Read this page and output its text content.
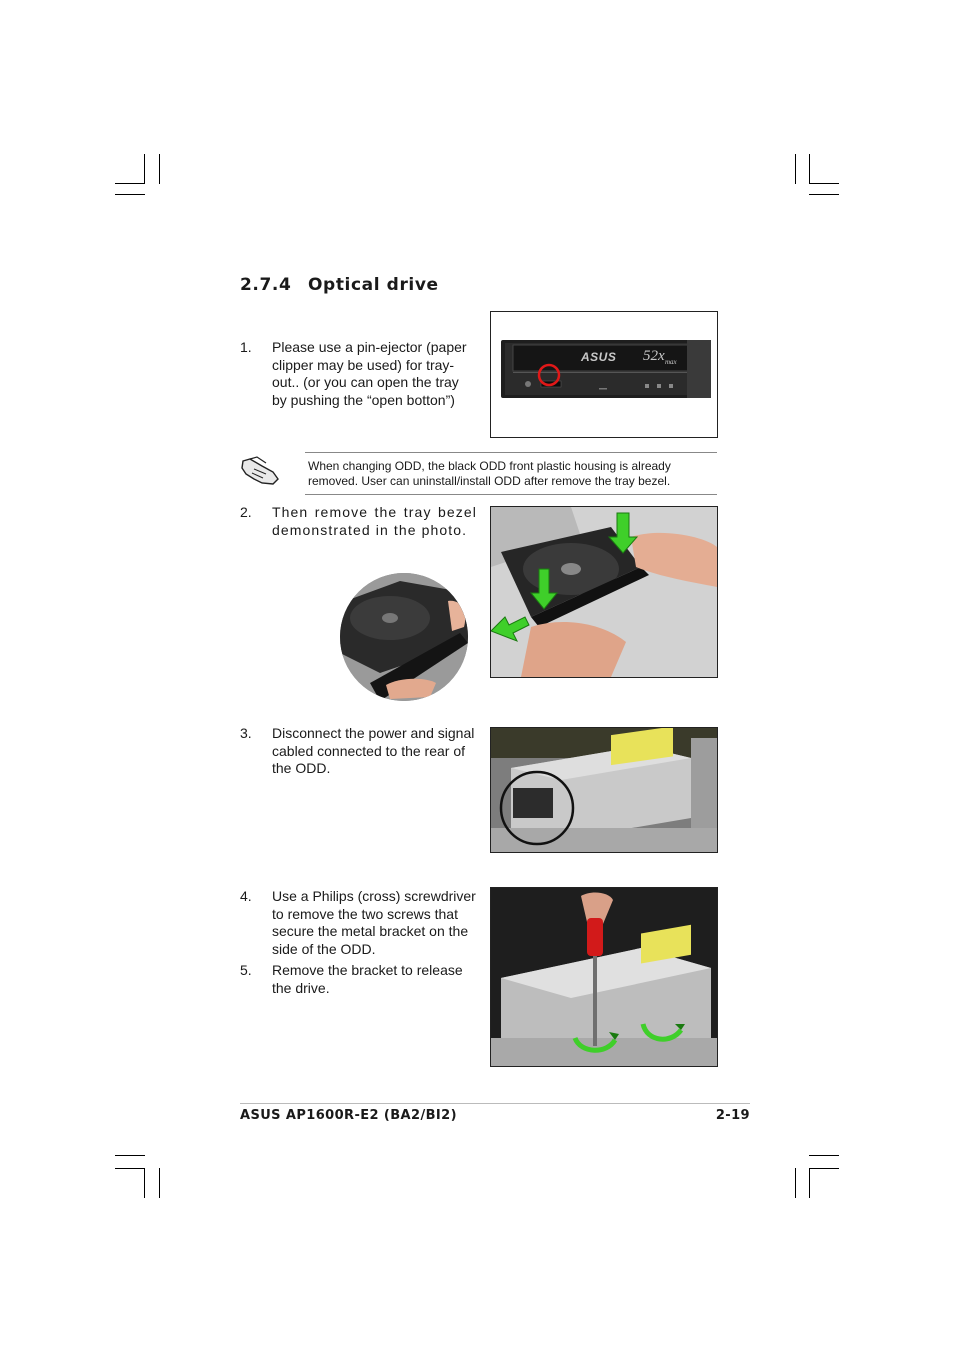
2.7.4 Optical drive
1. Please use a pin-ejector (paper clipper may be used) for tray-out.. (or you can open the tray by pushing the “open botton”)
ASUS 52x max
When changing ODD, the black ODD front plastic housing is already removed. User can uninstall/install ODD after remove the tray bezel.
2. Then remove the tray bezel demonstrated in the photo.
3. Disconnect the power and signal cabled connected to the rear of the ODD.
4. Use a Philips (cross) screwdriver to remove the two screws that secure the metal bracket on the side of the ODD.
5. Remove the bracket to release the drive.
ASUS AP1600R-E2 (BA2/BI2)	2-19
